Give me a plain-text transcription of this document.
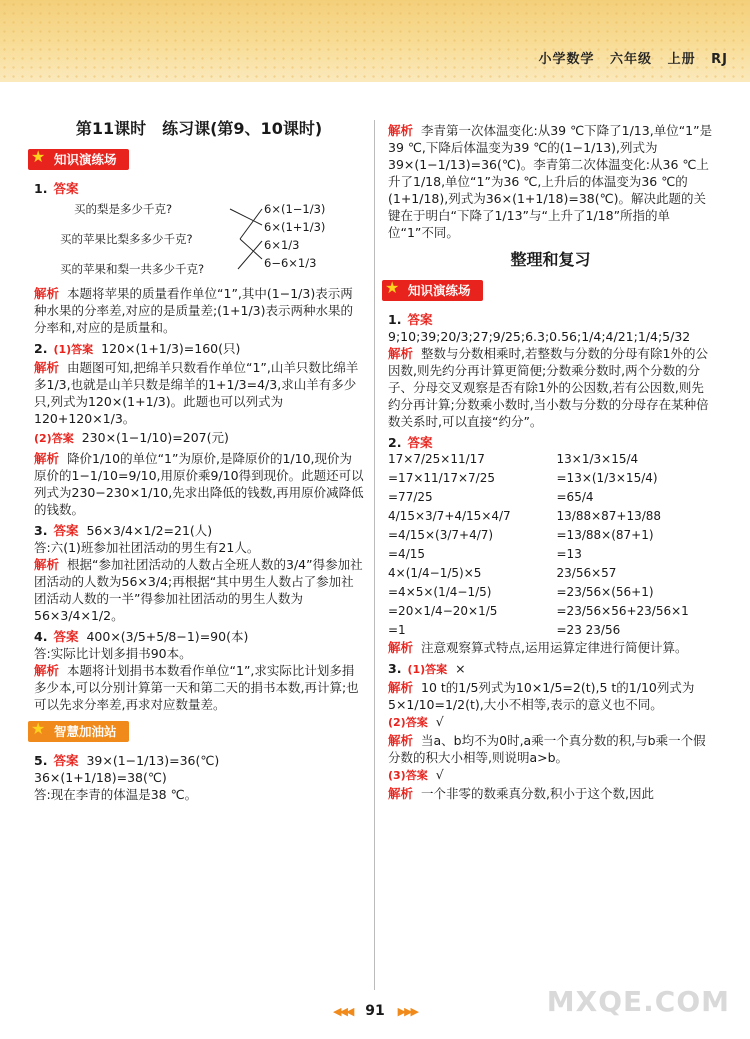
小学数学 六年级 上册 RJ
第11课时　练习课(第9、10课时)
★ 知识演练场
1. 答案
买的梨是多少千克?
买的苹果比梨多多少千克?
买的苹果和梨一共多少千克?
6×(1−1/3)
6×(1+1/3)
6×1/3
6−6×1/3
解析 本题将苹果的质量看作单位“1”,其中(1−1/3)表示两种水果的分率差,对应的是质量差;(1+1/3)表示两种水果的分率和,对应的是质量和。
2. (1)答案 120×(1+1/3)=160(只)
解析 由题图可知,把绵羊只数看作单位“1”,山羊只数比绵羊多1/3,也就是山羊只数是绵羊的1+1/3=4/3,求山羊有多少只,列式为120×(1+1/3)。此题也可以列式为120+120×1/3。
(2)答案 230×(1−1/10)=207(元)
解析 降价1/10的单位“1”为原价,是降原价的1/10,现价为原价的1−1/10=9/10,用原价乘9/10得到现价。此题还可以列式为230−230×1/10,先求出降低的钱数,再用原价减降低的钱数。
3. 答案 56×3/4×1/2=21(人)
答:六(1)班参加社团活动的男生有21人。
解析 根据“参加社团活动的人数占全班人数的3/4”得参加社团活动的人数为56×3/4;再根据“其中男生人数占了参加社团活动人数的一半”得参加社团活动的男生人数为56×3/4×1/2。
4. 答案 400×(3/5+5/8−1)=90(本)
答:实际比计划多捐书90本。
解析 本题将计划捐书本数看作单位“1”,求实际比计划多捐多少本,可以分别计算第一天和第二天的捐书本数,再计算;也可以先求分率差,再求对应数量差。
★ 智慧加油站
5. 答案 39×(1−1/13)=36(℃)
36×(1+1/18)=38(℃)
答:现在李青的体温是38 ℃。
解析 李青第一次体温变化:从39 ℃下降了1/13,单位“1”是39 ℃,下降后体温变为39 ℃的(1−1/13),列式为39×(1−1/13)=36(℃)。李青第二次体温变化:从36 ℃上升了1/18,单位“1”为36 ℃,上升后的体温变为36 ℃的(1+1/18),列式为36×(1+1/18)=38(℃)。解决此题的关键在于明白“下降了1/13”与“上升了1/18”所指的单位“1”不同。
整理和复习
★ 知识演练场
1. 答案9;10;39;20/3;27;9/25;6.3;0.56;1/4;4/21;1/4;5/32
解析 整数与分数相乘时,若整数与分数的分母有除1外的公因数,则先约分再计算更简便;分数乘分数时,两个分数的分子、分母交叉观察是否有除1外的公因数,若有公因数,则先约分再计算;分数乘小数时,当小数与分数的分母存在某种倍数关系时,可以直接“约分”。
2. 答案
17×7/25×11/17	13×1/3×15/4
=17×11/17×7/25	=13×(1/3×15/4)
=77/25	=65/4
4/15×3/7+4/15×4/7	13/88×87+13/88
=4/15×(3/7+4/7)	=13/88×(87+1)
=4/15	=13
4×(1/4−1/5)×5	23/56×57
=4×5×(1/4−1/5)	=23/56×(56+1)
=20×1/4−20×1/5	=23/56×56+23/56×1
=1	=23 23/56
解析 注意观察算式特点,运用运算定律进行简便计算。
3. (1)答案 ×
解析 10 t的1/5列式为10×1/5=2(t),5 t的1/10列式为5×1/10=1/2(t),大小不相等,表示的意义也不同。
(2)答案 √
解析 当a、b均不为0时,a乘一个真分数的积,与b乘一个假分数的积大小相等,则说明a>b。
(3)答案 √
解析 一个非零的数乘真分数,积小于这个数,因此
MXQE.COM
◀◀◀ 91 ▶▶▶
